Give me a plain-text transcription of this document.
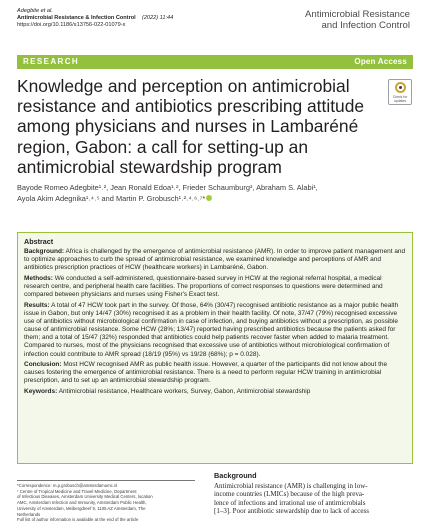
Adegbite et al.
Antimicrobial Resistance & Infection Control (2022) 11:44
https://doi.org/10.1186/s13756-022-01079-x
Antimicrobial Resistance
and Infection Control
RESEARCH	Open Access
Knowledge and perception on antimicrobial resistance and antibiotics prescribing attitude among physicians and nurses in Lambaréné region, Gabon: a call for setting-up an antimicrobial stewardship program
Check for
updates
Bayode Romeo Adegbite¹˒², Jean Ronald Edoa¹˒², Frieder Schaumburg³, Abraham S. Alabi¹,
Ayola Akim Adegnika¹˒⁴˒⁵ and Martin P. Grobusch¹˒²˒⁴˒⁶˒⁷*
Abstract

Background: Africa is challenged by the emergence of antimicrobial resistance (AMR). In order to improve patient management and to optimize approaches to curb the spread of antimicrobial resistance, we examined knowledge and perceptions of AMR and antibiotics prescription practices of HCW (healthcare workers) in Lambaréné, Gabon.

Methods: We conducted a self-administered, questionnaire-based survey in HCW at the regional referral hospital, a medical research centre, and peripheral health care facilities. The proportions of correct responses to questions were determined and compared between physicians and nurses using Fisher's Exact test.

Results: A total of 47 HCW took part in the survey. Of those, 64% (30/47) recognised antibiotic resistance as a major public health issue in Gabon, but only 14/47 (30%) recognised it as a problem in their health facility. Of note, 37/47 (79%) recognised excessive use of antibiotics without microbiological confirmation in case of infection, and buying antibiotics without a prescription, as possible cause of antimicrobial resistance. Some HCW (28%; 13/47) reported having prescribed antibiotics because the patients asked for them; and a total of 15/47 (32%) responded that antibiotics could help patients recover faster when added to malaria treatment. Compared to nurses, most of the physicians recognised that excessive use of antibiotics without microbiological confirmation of infection could contribute to AMR spread (18/19 (95%) vs 19/28 (68%); p = 0.028).

Conclusion: Most HCW recognised AMR as public health issue. However, a quarter of the participants did not know about the causes fostering the emergence of antimicrobial resistance. There is a need to perform regular HCW training in antimicrobial prescription, and to set up an antimicrobial stewardship program.

Keywords: Antimicrobial resistance, Healthcare workers, Survey, Gabon, Antimicrobial stewardship

*Correspondence: m.p.grobusch@amsterdamumc.nl
⁷ Centre of Tropical Medicine and Travel Medicine, Department
of Infectious Diseases, Amsterdam University Medical Centers, location
AMC, Amsterdam Infection and Immunity, Amsterdam Public Health,
University of Amsterdam, Meibergdreef 9, 1105 AZ Amsterdam, The
Netherlands
Full list of author information is available at the end of the article
Background

Antimicrobial resistance (AMR) is challenging in low-
income countries (LMICs) because of the high preva-
lence of infections and irrational use of antimicrobials
[1–3]. Poor antibiotic stewardship due to lack of access
